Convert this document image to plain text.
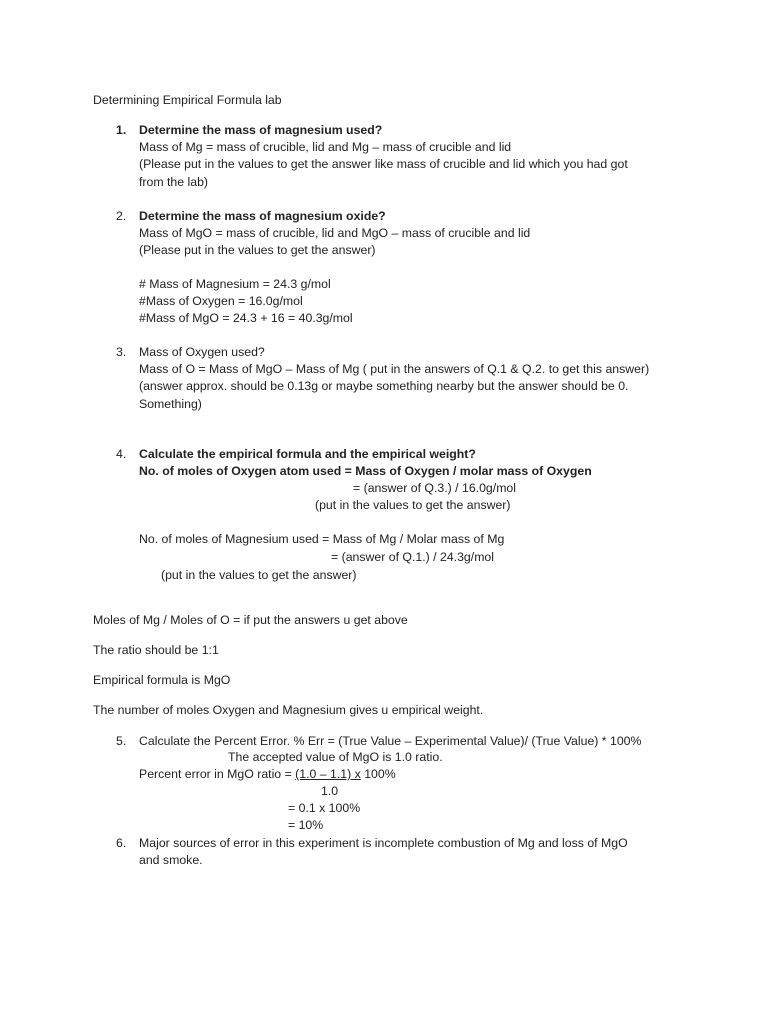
Determining Empirical Formula lab
1. Determine the mass of magnesium used?
Mass of Mg = mass of crucible, lid and Mg – mass of crucible and lid
(Please put in the values to get the answer like mass of crucible and lid which you had got
from the lab)
2. Determine the mass of magnesium oxide?
Mass of MgO = mass of crucible, lid and MgO – mass of crucible and lid
(Please put in the values to get the answer)
# Mass of Magnesium = 24.3 g/mol
#Mass of Oxygen = 16.0g/mol
#Mass of MgO = 24.3 + 16 = 40.3g/mol
3. Mass of Oxygen used?
Mass of O = Mass of MgO – Mass of Mg ( put in the answers of Q.1 & Q.2. to get this answer)
(answer approx. should be 0.13g or maybe something nearby but the answer should be 0.
Something)
4. Calculate the empirical formula and the empirical weight?
No. of moles of Oxygen atom used = Mass of Oxygen / molar mass of Oxygen
= (answer of Q.3.) / 16.0g/mol
(put in the values to get the answer)
No. of moles of Magnesium used = Mass of Mg / Molar mass of Mg
= (answer of Q.1.) / 24.3g/mol
(put in the values to get the answer)
Moles of Mg / Moles of O = if put the answers u get above
The ratio should be 1:1
Empirical formula is MgO
The number of moles Oxygen and Magnesium gives u empirical weight.
5. Calculate the Percent Error. % Err = (True Value – Experimental Value)/ (True Value) * 100%
The accepted value of MgO is 1.0 ratio.
Percent error in MgO ratio = (1.0 – 1.1) x 100%
1.0
= 0.1 x 100%
= 10%
6. Major sources of error in this experiment is incomplete combustion of Mg and loss of MgO
and smoke.
